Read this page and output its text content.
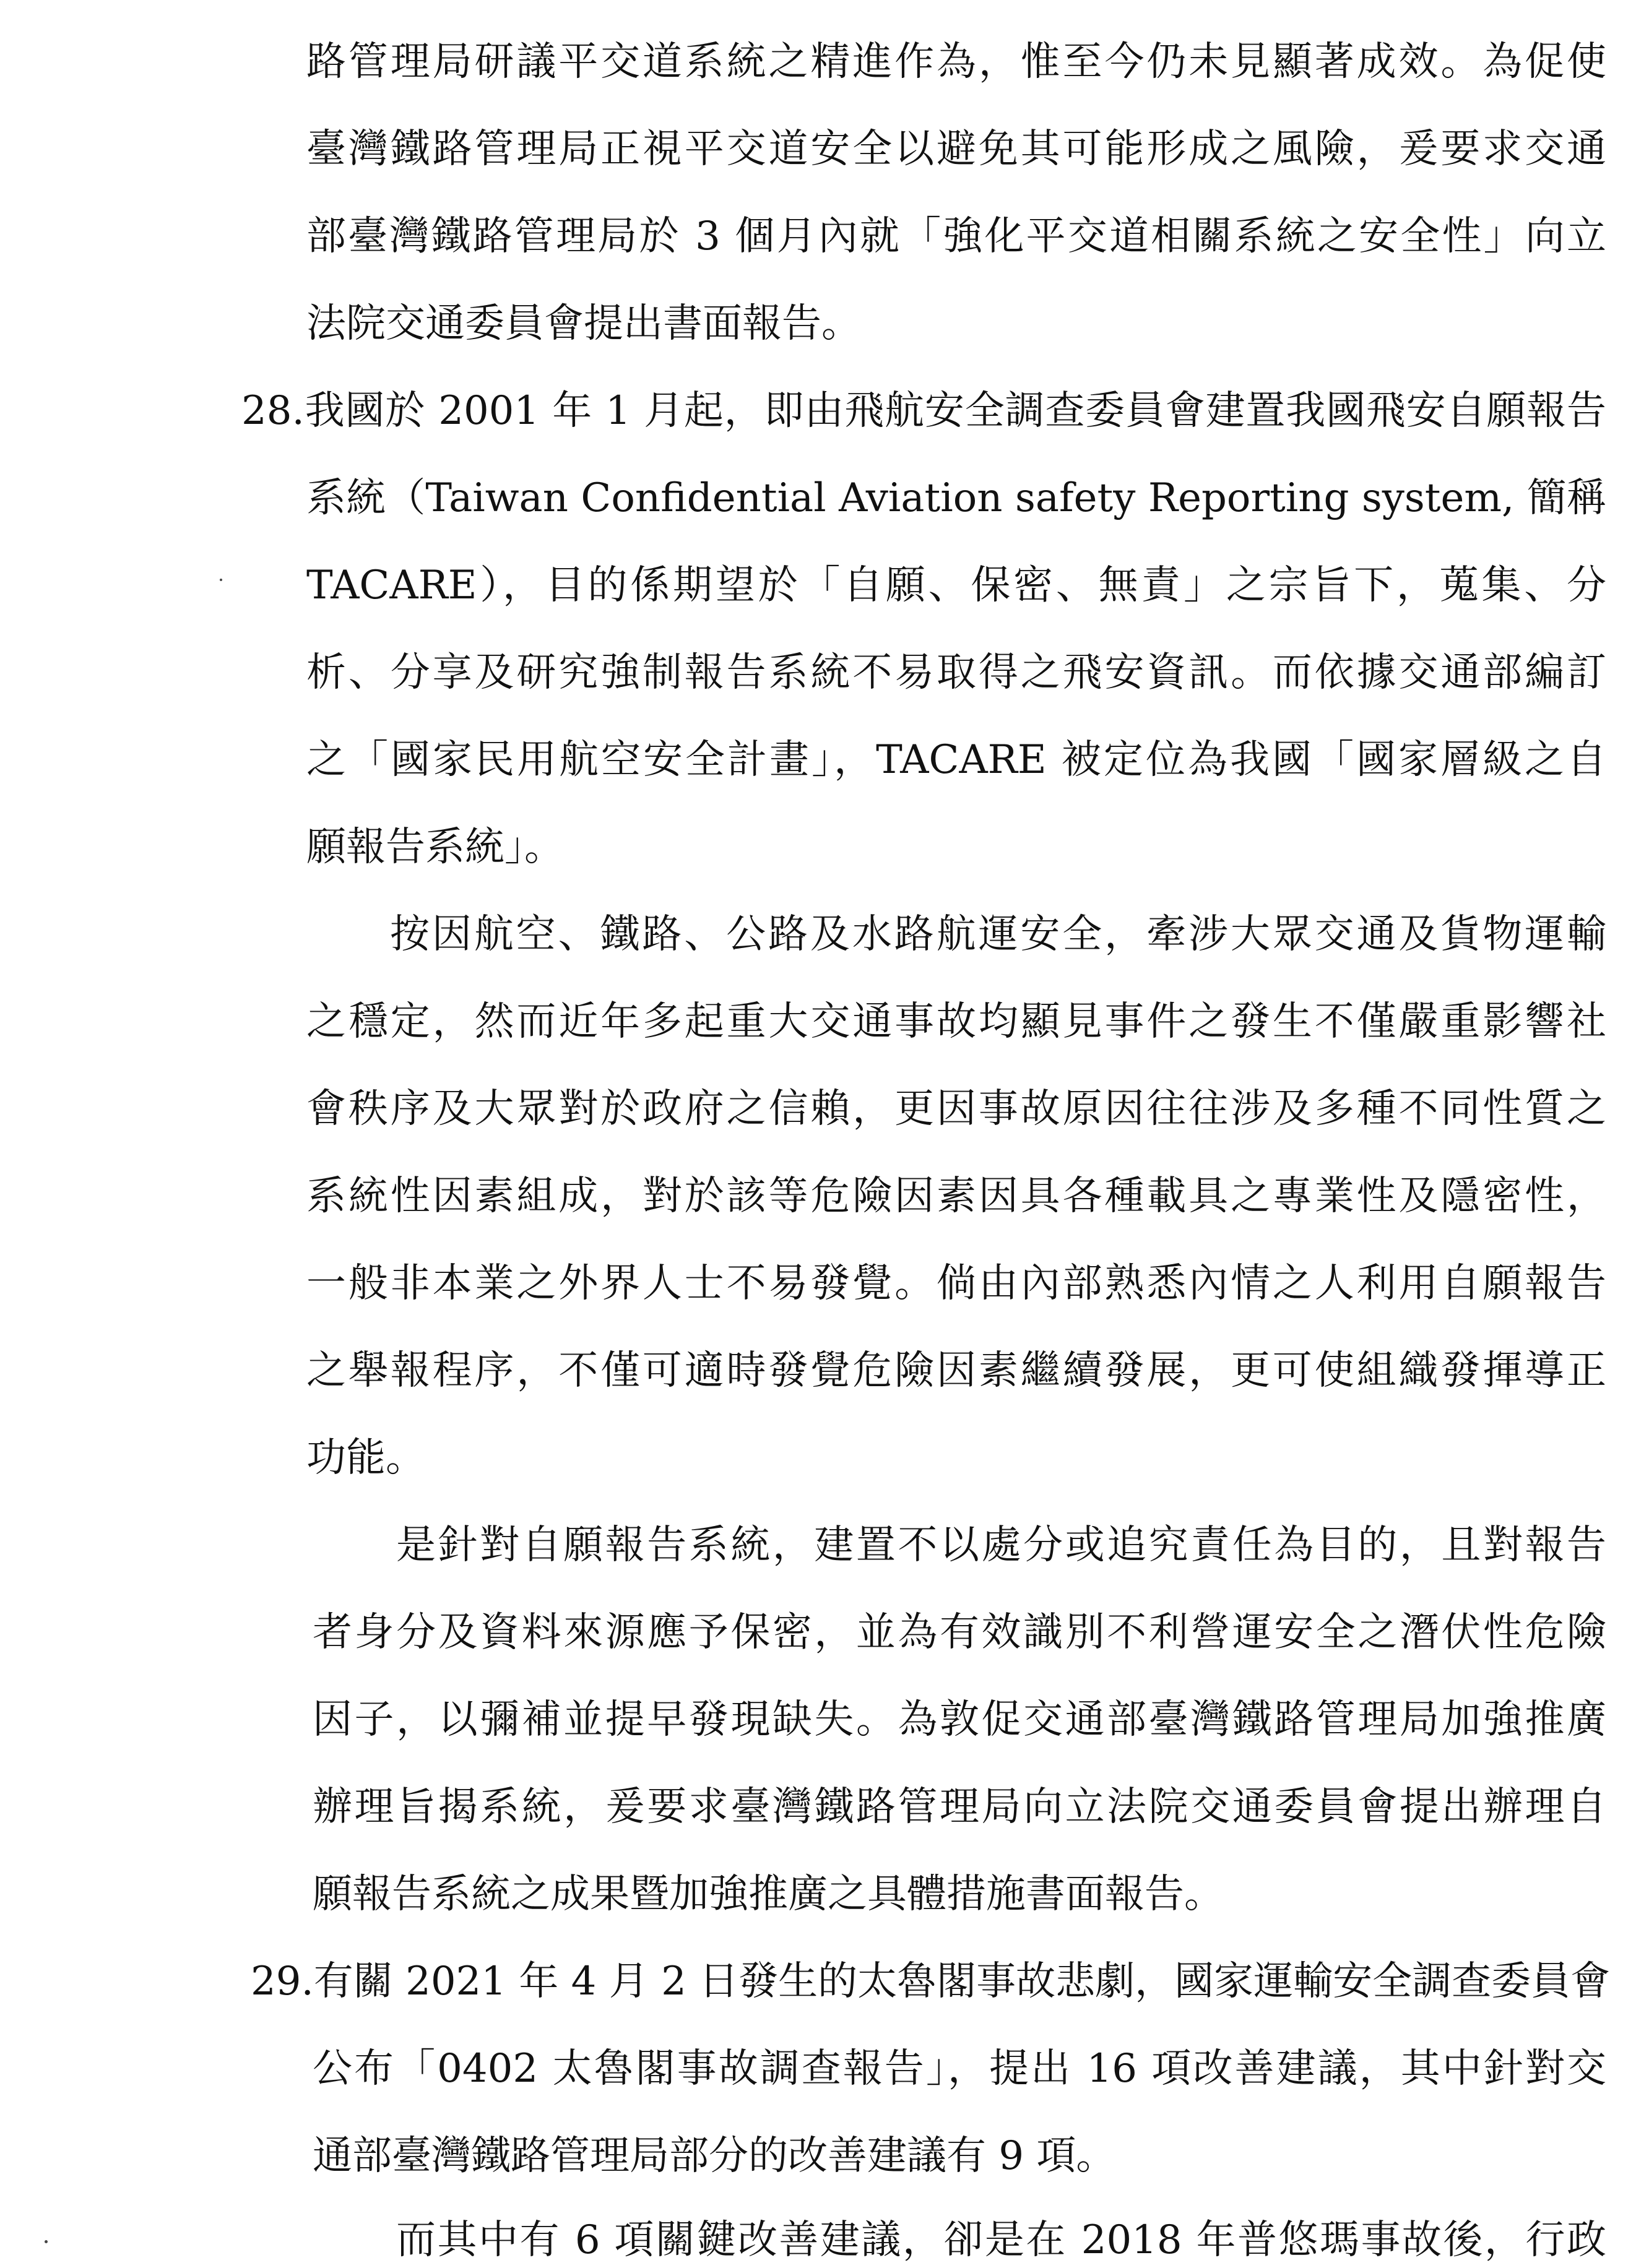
路管理局研議平交道系統之精進作為，惟至今仍未見顯著成效。為促使
臺灣鐵路管理局正視平交道安全以避免其可能形成之風險，爰要求交通
部臺灣鐵路管理局於 3 個月內就「強化平交道相關系統之安全性」向立
法院交通委員會提出書面報告。
28.我國於 2001 年 1 月起，即由飛航安全調查委員會建置我國飛安自願報告
系統（Taiwan Confidential Aviation safety Reporting system, 簡稱
TACARE），目的係期望於「自願、保密、無責」之宗旨下，蒐集、分
析、分享及研究強制報告系統不易取得之飛安資訊。而依據交通部編訂
之「國家民用航空安全計畫」，TACARE 被定位為我國「國家層級之自
願報告系統」。
按因航空、鐵路、公路及水路航運安全，牽涉大眾交通及貨物運輸
之穩定，然而近年多起重大交通事故均顯見事件之發生不僅嚴重影響社
會秩序及大眾對於政府之信賴，更因事故原因往往涉及多種不同性質之
系統性因素組成，對於該等危險因素因具各種載具之專業性及隱密性，
一般非本業之外界人士不易發覺。倘由內部熟悉內情之人利用自願報告
之舉報程序，不僅可適時發覺危險因素繼續發展，更可使組織發揮導正
功能。
是針對自願報告系統，建置不以處分或追究責任為目的，且對報告
者身分及資料來源應予保密，並為有效識別不利營運安全之潛伏性危險
因子，以彌補並提早發現缺失。為敦促交通部臺灣鐵路管理局加強推廣
辦理旨揭系統，爰要求臺灣鐵路管理局向立法院交通委員會提出辦理自
願報告系統之成果暨加強推廣之具體措施書面報告。
29.有關 2021 年 4 月 2 日發生的太魯閣事故悲劇，國家運輸安全調查委員會
公布「0402 太魯閣事故調查報告」，提出 16 項改善建議，其中針對交
通部臺灣鐵路管理局部分的改善建議有 9 項。
而其中有 6 項關鍵改善建議，卻是在 2018 年普悠瑪事故後，行政
